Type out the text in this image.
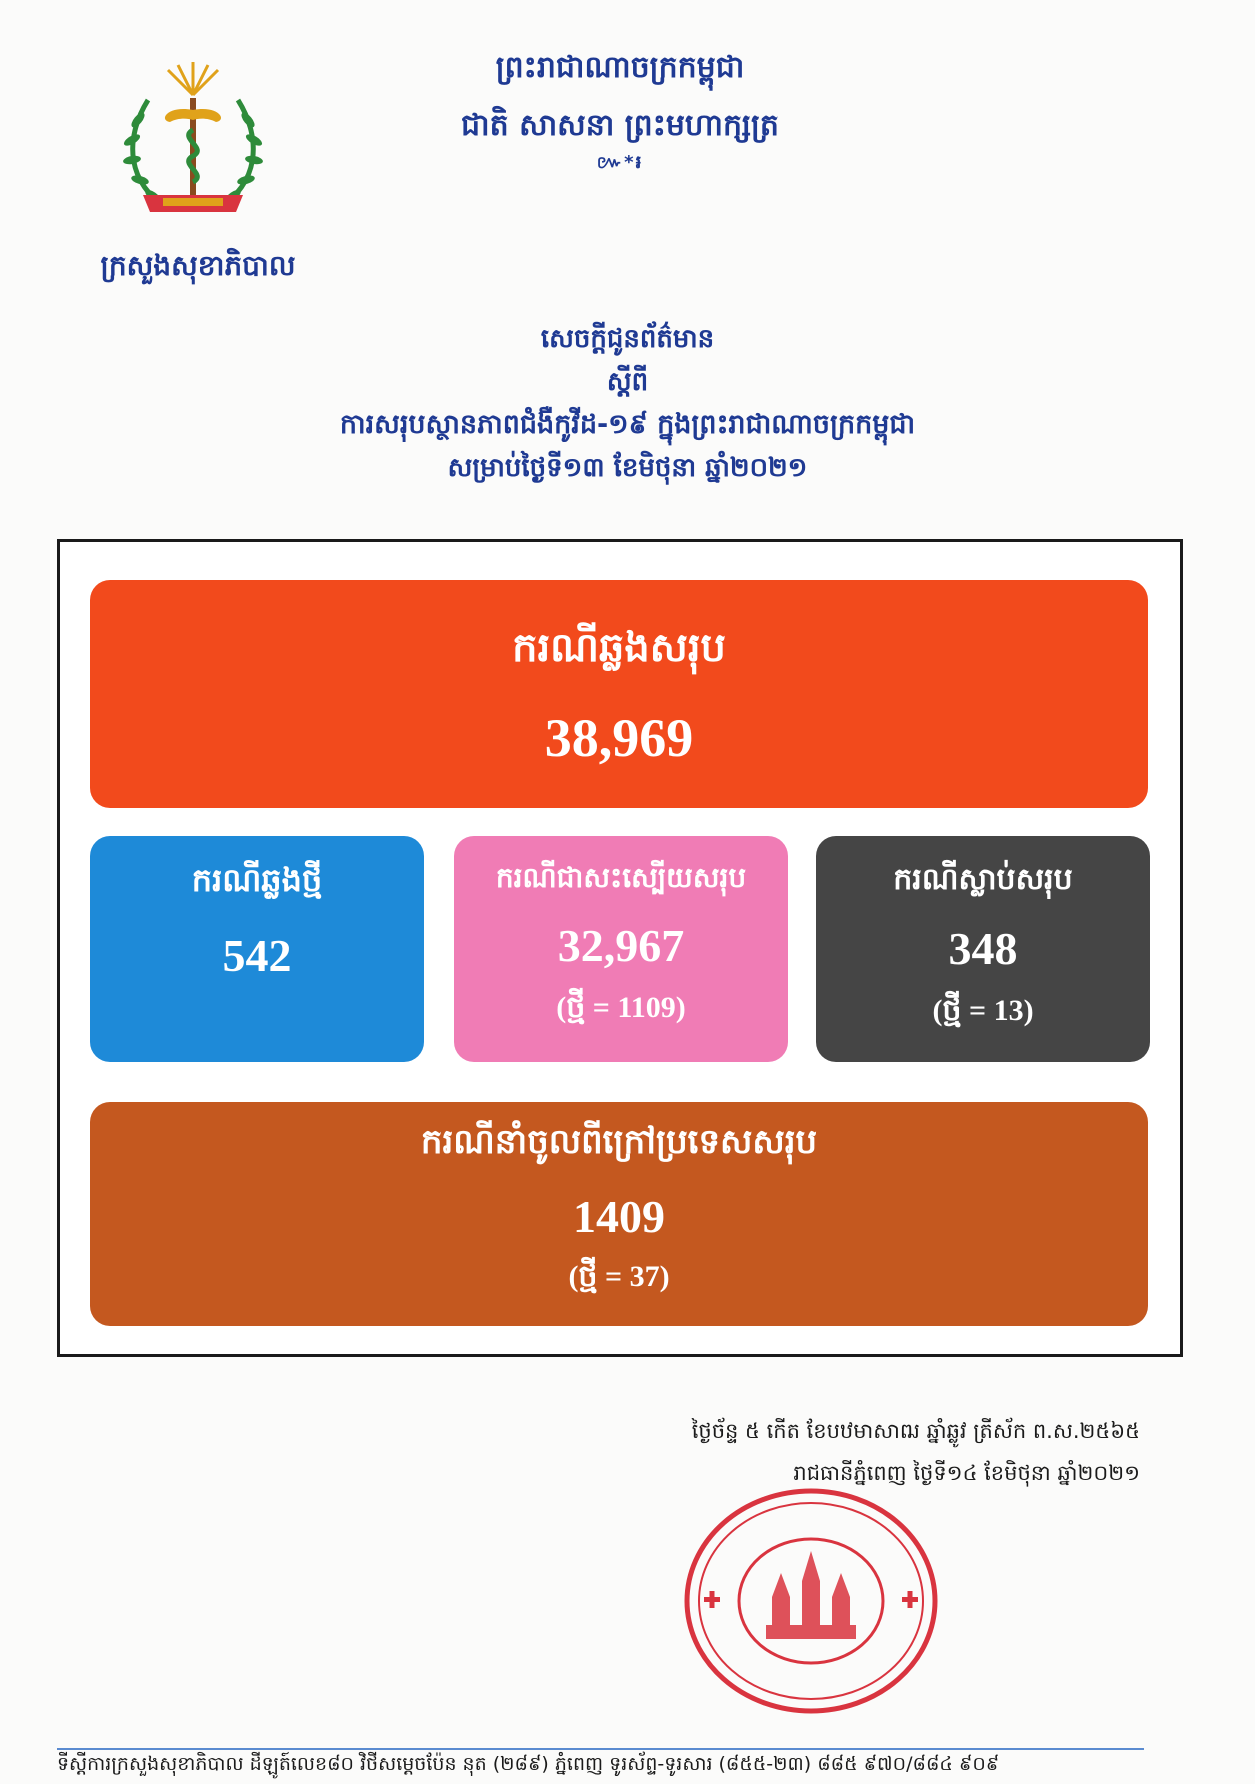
ក្រសួងសុខាភិបាល
ព្រះរាជាណាចក្រកម្ពុជា
ជាតិ សាសនា ព្រះមហាក្សត្រ
៚*៛
សេចក្តីជូនព័ត៌មាន
ស្តីពី
ការសរុបស្ថានភាពជំងឺកូវីដ-១៩ ក្នុងព្រះរាជាណាចក្រកម្ពុជា
សម្រាប់ថ្ងៃទី១៣ ខែមិថុនា ឆ្នាំ២០២១
ករណីឆ្លងសរុប
38,969
ករណីឆ្លងថ្មី
542
ករណីជាសះស្បើយសរុប
32,967
(ថ្មី = 1109)
ករណីស្លាប់សរុប
348
(ថ្មី = 13)
ករណីនាំចូលពីក្រៅប្រទេសសរុប
1409
(ថ្មី = 37)
ថ្ងៃច័ន្ទ ៥ កើត ខែបឋមាសាឍ ឆ្នាំឆ្លូវ ត្រីស័ក ព.ស.២៥៦៥
រាជធានីភ្នំពេញ ថ្ងៃទី១៤ ខែមិថុនា ឆ្នាំ២០២១
ទីស្តីការក្រសួងសុខាភិបាល ដីឡូត៍លេខ៨០ វិថីសម្តេចប៉ែន នុត (២៨៩) ភ្នំពេញ ទូរស័ព្ទ-ទូរសារ (៨៥៥-២៣) ៨៨៥ ៩៧០/៨៨៤ ៩០៩
